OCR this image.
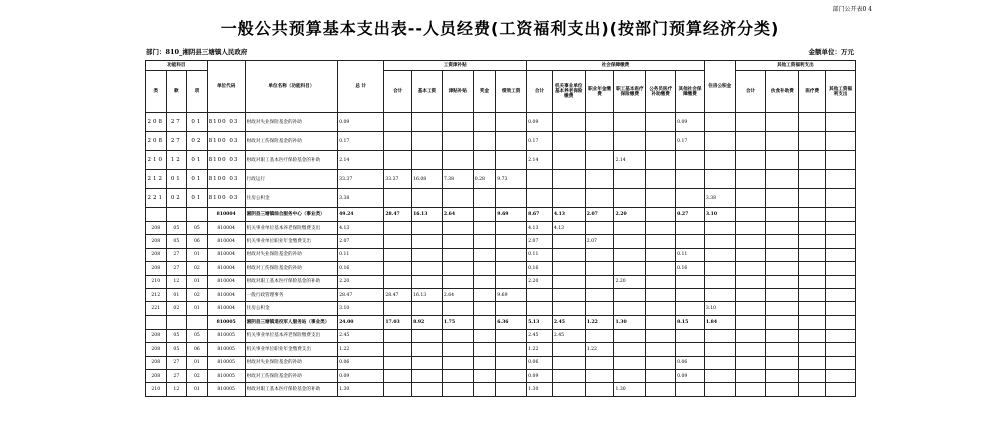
部门公开表0 4
一般公共预算基本支出表--人员经费(工资福利支出)(按部门预算经济分类)
部门：810_湘阴县三塘镇人民政府	金额单位：万元
功能科目			单位代码	单位名称（功能科目）	总 计	工资津补贴					社会保障缴费						住房公积金	其他工资福利支出			
类	款	项				合计	基本工资	津贴补贴	奖金	绩效工资	合计	机关事业单位基本养老保险缴费	职业年金缴费	职工基本医疗保险缴费	公务员医疗补助缴费	其他社会保障缴费		合计	伙食补助费	医疗费	其他工资福利支出
208	27	01	8100 03	财政对失业保险基金的补助	0.09						0.09					0.09					
208	27	02	8100 03	财政对工伤保险基金的补助	0.17						0.17					0.17					
210	12	01	8100 03	财政对职工基本医疗保险基金的补助	2.14						2.14			2.14							
212	01	01	8100 03	行政运行	33.37	33.37	16.08	7.38	0.28	9.73											
221	02	01	8100 03	住房公积金	3.38												3.38				
			810004	湘阴县三塘镇综合服务中心（事业类）	49.24	28.47	16.13	2.64		9.69	8.67	4.13	2.07	2.20		0.27	3.10				
208	05	05	810004	机关事业单位基本养老保险缴费支出	4.13						4.13	4.13									
208	05	06	810004	机关事业单位职业年金缴费支出	2.07						2.07		2.07								
208	27	01	810004	财政对失业保险基金的补助	0.11						0.11					0.11					
208	27	02	810004	财政对工伤保险基金的补助	0.16						0.16					0.16					
210	12	01	810004	财政对职工基本医疗保险基金的补助	2.20						2.20			2.20							
212	01	02	810004	一般行政管理事务	28.47	28.47	16.13	2.64		9.69											
221	02	01	810004	住房公积金	3.10												3.10				
			810005	湘阴县三塘镇退役军人服务站（事业类）	24.00	17.03	8.92	1.75		6.36	5.13	2.45	1.22	1.30		0.15	1.84				
208	05	05	810005	机关事业单位基本养老保险缴费支出	2.45						2.45	2.45									
208	05	06	810005	机关事业单位职业年金缴费支出	1.22						1.22		1.22								
208	27	01	810005	财政对失业保险基金的补助	0.06						0.06					0.06					
208	27	02	810005	财政对工伤保险基金的补助	0.09						0.09					0.09					
210	12	01	810005	财政对职工基本医疗保险基金的补助	1.30						1.30			1.30							
